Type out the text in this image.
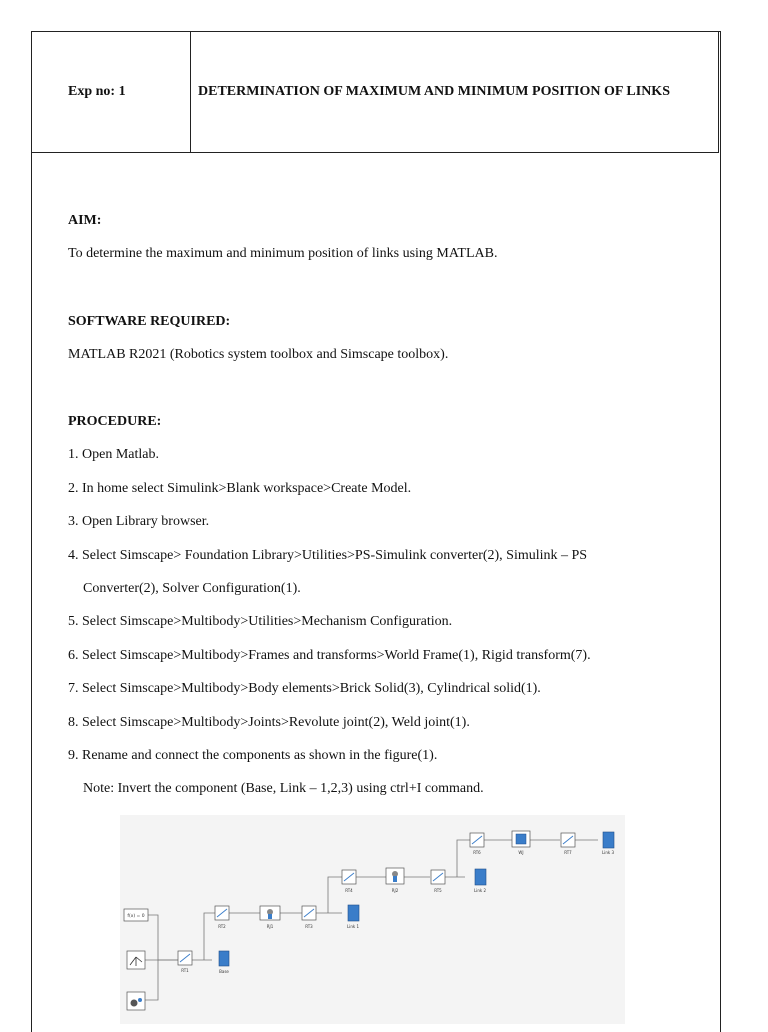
Exp no: 1	DETERMINATION OF MAXIMUM AND MINIMUM POSITION OF LINKS
AIM:
To determine the maximum and minimum position of links using MATLAB.
SOFTWARE REQUIRED:
MATLAB R2021 (Robotics system toolbox and Simscape toolbox).
PROCEDURE:
1. Open Matlab.
2. In home select Simulink>Blank workspace>Create Model.
3. Open Library browser.
4. Select Simscape> Foundation Library>Utilities>PS-Simulink converter(2), Simulink – PS
Converter(2), Solver Configuration(1).
5. Select Simscape>Multibody>Utilities>Mechanism Configuration.
6. Select Simscape>Multibody>Frames and transforms>World Frame(1), Rigid transform(7).
7. Select Simscape>Multibody>Body elements>Brick Solid(3), Cylindrical solid(1).
8. Select Simscape>Multibody>Joints>Revolute joint(2), Weld joint(1).
9. Rename and connect the components as shown in the figure(1).
Note: Invert the component (Base, Link – 1,2,3) using ctrl+I command.
f(x) = 0
RT1	Base
RT2	RJ1	RT3	Link 1
RT4	RJ2	RT5	Link 2
RT6	WJ	RT7	Link 3
